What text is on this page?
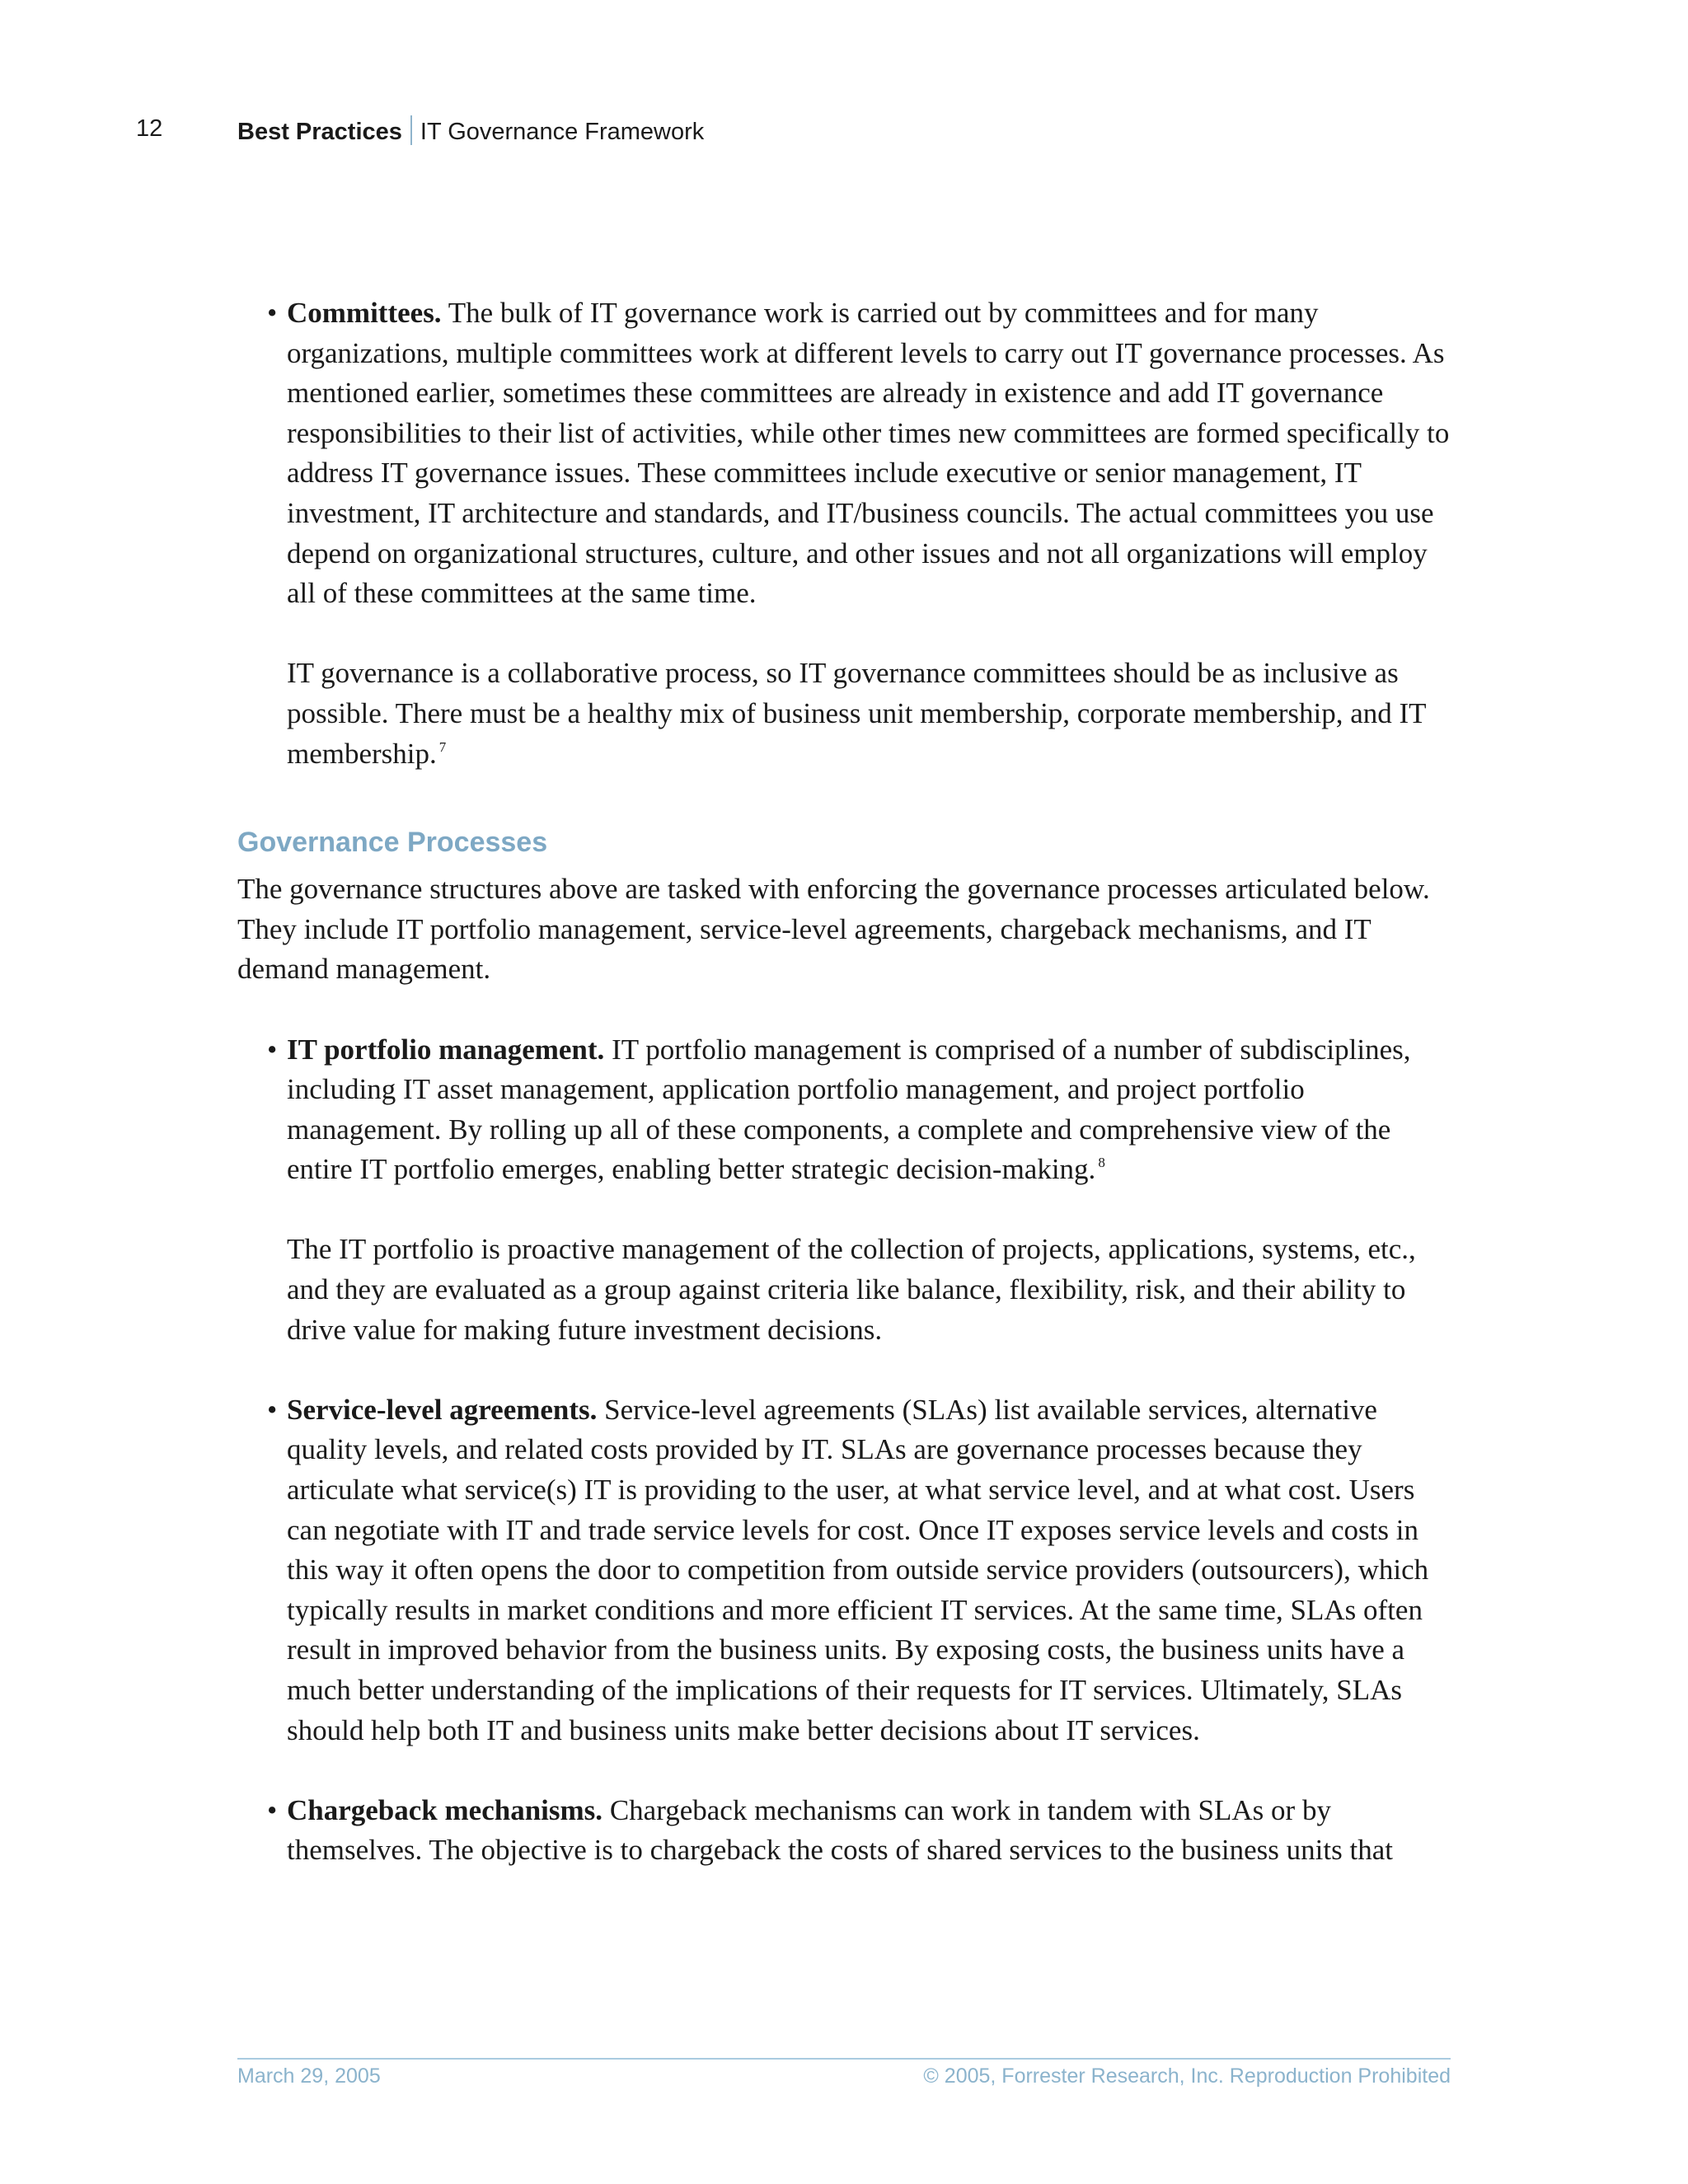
12	Best Practices IT Governance Framework
• Committees. The bulk of IT governance work is carried out by committees and for many organizations, multiple committees work at different levels to carry out IT governance processes. As mentioned earlier, sometimes these committees are already in existence and add IT governance responsibilities to their list of activities, while other times new committees are formed specifically to address IT governance issues. These committees include executive or senior management, IT investment, IT architecture and standards, and IT/business councils. The actual committees you use depend on organizational structures, culture, and other issues and not all organizations will employ all of these committees at the same time.

IT governance is a collaborative process, so IT governance committees should be as inclusive as possible. There must be a healthy mix of business unit membership, corporate membership, and IT membership. $^7$

Governance Processes

The governance structures above are tasked with enforcing the governance processes articulated below. They include IT portfolio management, service-level agreements, chargeback mechanisms, and IT demand management.

• IT portfolio management. IT portfolio management is comprised of a number of subdisciplines, including IT asset management, application portfolio management, and project portfolio management. By rolling up all of these components, a complete and comprehensive view of the entire IT portfolio emerges, enabling better strategic decision-making. $^8$

The IT portfolio is proactive management of the collection of projects, applications, systems, etc., and they are evaluated as a group against criteria like balance, flexibility, risk, and their ability to drive value for making future investment decisions.

• Service-level agreements. Service-level agreements (SLAs) list available services, alternative quality levels, and related costs provided by IT. SLAs are governance processes because they articulate what service(s) IT is providing to the user, at what service level, and at what cost. Users can negotiate with IT and trade service levels for cost. Once IT exposes service levels and costs in this way it often opens the door to competition from outside service providers (outsourcers), which typically results in market conditions and more efficient IT services. At the same time, SLAs often result in improved behavior from the business units. By exposing costs, the business units have a much better understanding of the implications of their requests for IT services. Ultimately, SLAs should help both IT and business units make better decisions about IT services.

• Chargeback mechanisms. Chargeback mechanisms can work in tandem with SLAs or by themselves. The objective is to chargeback the costs of shared services to the business units that

March 29, 2005	© 2005, Forrester Research, Inc. Reproduction Prohibited
